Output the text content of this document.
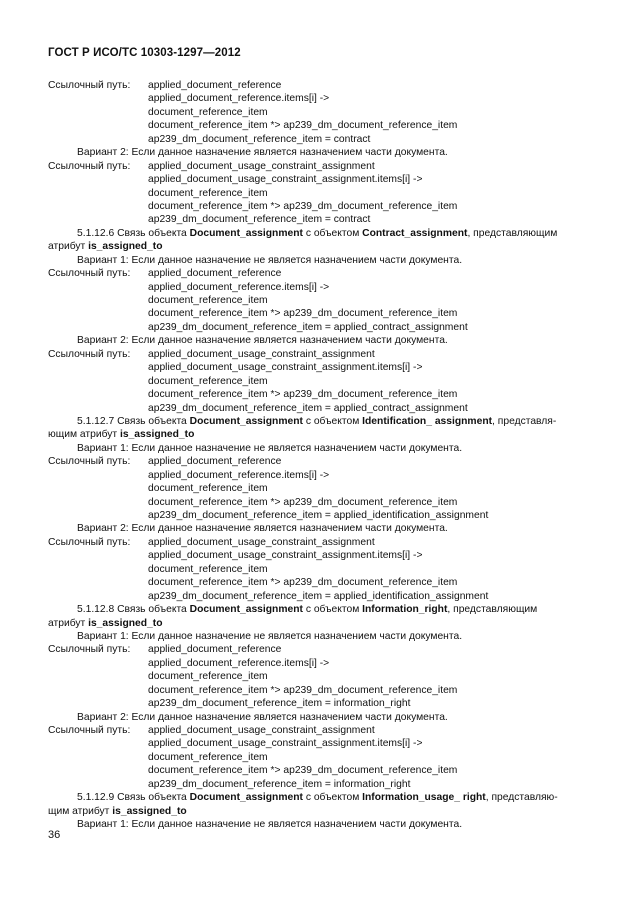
ГОСТ Р ИСО/ТС 10303-1297—2012
Ссылочный путь: applied_document_reference
applied_document_reference.items[i] ->
document_reference_item
document_reference_item *> ap239_dm_document_reference_item
ap239_dm_document_reference_item = contract
Вариант 2: Если данное назначение является назначением части документа.
Ссылочный путь: applied_document_usage_constraint_assignment
applied_document_usage_constraint_assignment.items[i] ->
document_reference_item
document_reference_item *> ap239_dm_document_reference_item
ap239_dm_document_reference_item = contract
5.1.12.6 Связь объекта Document_assignment с объектом Contract_assignment, представляющим
атрибут is_assigned_to
Вариант 1: Если данное назначение не является назначением части документа.
Ссылочный путь: applied_document_reference
applied_document_reference.items[i] ->
document_reference_item
document_reference_item *> ap239_dm_document_reference_item
ap239_dm_document_reference_item = applied_contract_assignment
Вариант 2: Если данное назначение является назначением части документа.
Ссылочный путь: applied_document_usage_constraint_assignment
applied_document_usage_constraint_assignment.items[i] ->
document_reference_item
document_reference_item *> ap239_dm_document_reference_item
ap239_dm_document_reference_item = applied_contract_assignment
5.1.12.7 Связь объекта Document_assignment с объектом Identification_ assignment, представля-
ющим атрибут is_assigned_to
Вариант 1: Если данное назначение не является назначением части документа.
Ссылочный путь: applied_document_reference
applied_document_reference.items[i] ->
document_reference_item
document_reference_item *> ap239_dm_document_reference_item
ap239_dm_document_reference_item = applied_identification_assignment
Вариант 2: Если данное назначение является назначением части документа.
Ссылочный путь: applied_document_usage_constraint_assignment
applied_document_usage_constraint_assignment.items[i] ->
document_reference_item
document_reference_item *> ap239_dm_document_reference_item
ap239_dm_document_reference_item = applied_identification_assignment
5.1.12.8 Связь объекта Document_assignment с объектом Information_right, представляющим
атрибут is_assigned_to
Вариант 1: Если данное назначение не является назначением части документа.
Ссылочный путь: applied_document_reference
applied_document_reference.items[i] ->
document_reference_item
document_reference_item *> ap239_dm_document_reference_item
ap239_dm_document_reference_item = information_right
Вариант 2: Если данное назначение является назначением части документа.
Ссылочный путь: applied_document_usage_constraint_assignment
applied_document_usage_constraint_assignment.items[i] ->
document_reference_item
document_reference_item *> ap239_dm_document_reference_item
ap239_dm_document_reference_item = information_right
5.1.12.9 Связь объекта Document_assignment с объектом Information_usage_ right, представляю-
щим атрибут is_assigned_to
Вариант 1: Если данное назначение не является назначением части документа.
36
